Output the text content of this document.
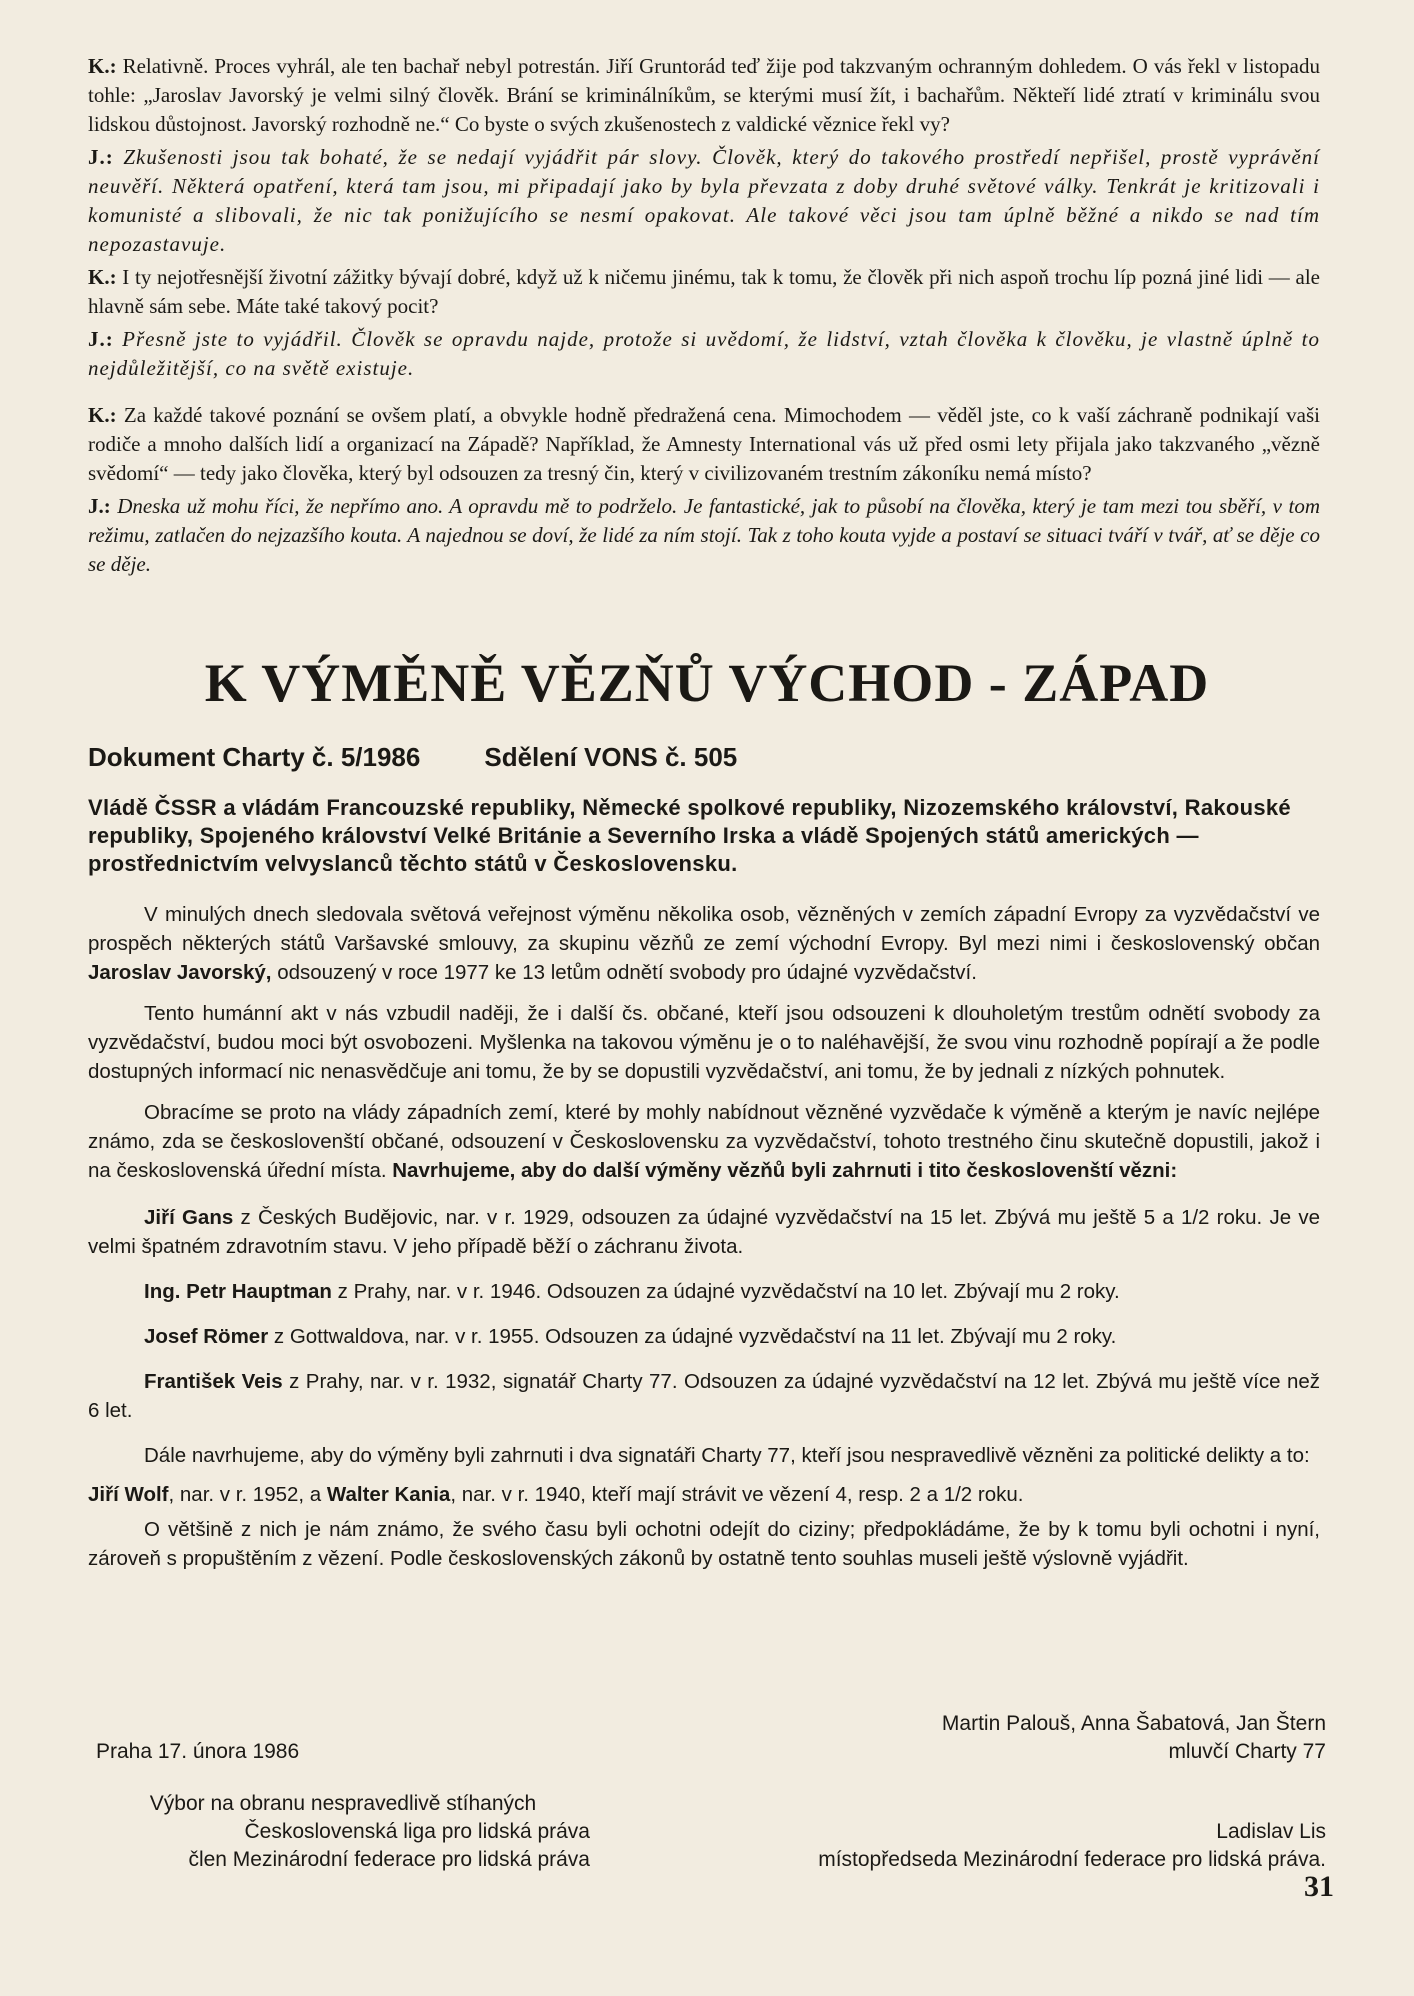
K.: Relativně. Proces vyhrál, ale ten bachař nebyl potrestán. Jiří Gruntorád teď žije pod takzvaným ochranným dohledem. O vás řekl v listopadu tohle: „Jaroslav Javorský je velmi silný člověk. Brání se kriminálníkům, se kterými musí žít, i bachařům. Někteří lidé ztratí v kriminálu svou lidskou důstojnost. Javorský rozhodně ne.“ Co byste o svých zkušenostech z valdické věznice řekl vy?

J.: Zkušenosti jsou tak bohaté, že se nedají vyjádřit pár slovy. Člověk, který do takového prostředí nepřišel, prostě vyprávění neuvěří. Některá opatření, která tam jsou, mi připadají jako by byla převzata z doby druhé světové války. Tenkrát je kritizovali i komunisté a slibovali, že nic tak ponižujícího se nesmí opakovat. Ale takové věci jsou tam úplně běžné a nikdo se nad tím nepozastavuje.

K.: I ty nejotřesnější životní zážitky bývají dobré, když už k ničemu jinému, tak k tomu, že člověk při nich aspoň trochu líp pozná jiné lidi — ale hlavně sám sebe. Máte také takový pocit?

J.: Přesně jste to vyjádřil. Člověk se opravdu najde, protože si uvědomí, že lidství, vztah člověka k člověku, je vlastně úplně to nejdůležitější, co na světě existuje.

K.: Za každé takové poznání se ovšem platí, a obvykle hodně předražená cena. Mimochodem — věděl jste, co k vaší záchraně podnikají vaši rodiče a mnoho dalších lidí a organizací na Západě? Například, že Amnesty International vás už před osmi lety přijala jako takzvaného „vězně svědomí“ — tedy jako člověka, který byl odsouzen za tresný čin, který v civilizovaném trestním zákoníku nemá místo?

J.: Dneska už mohu říci, že nepřímo ano. A opravdu mě to podrželo. Je fantastické, jak to působí na člověka, který je tam mezi tou sběří, v tom režimu, zatlačen do nejzazšího kouta. A najednou se doví, že lidé za ním stojí. Tak z toho kouta vyjde a postaví se situaci tváří v tvář, ať se děje co se děje.

K VÝMĚNĚ VĚZŇŮ VÝCHOD - ZÁPAD
Dokument Charty č. 5/1986 Sdělení VONS č. 505

Vládě ČSSR a vládám Francouzské republiky, Německé spolkové republiky, Nizozemského království, Rakouské republiky, Spojeného království Velké Británie a Severního Irska a vládě Spojených států amerických — prostřednictvím velvyslanců těchto států v Československu.

V minulých dnech sledovala světová veřejnost výměnu několika osob, vězněných v zemích západní Evropy za vyzvědačství ve prospěch některých států Varšavské smlouvy, za skupinu vězňů ze zemí východní Evropy. Byl mezi nimi i československý občan Jaroslav Javorský, odsouzený v roce 1977 ke 13 letům odnětí svobody pro údajné vyzvědačství.

Tento humánní akt v nás vzbudil naději, že i další čs. občané, kteří jsou odsouzeni k dlouholetým trestům odnětí svobody za vyzvědačství, budou moci být osvobozeni. Myšlenka na takovou výměnu je o to naléhavější, že svou vinu rozhodně popírají a že podle dostupných informací nic nenasvědčuje ani tomu, že by se dopustili vyzvědačství, ani tomu, že by jednali z nízkých pohnutek.

Obracíme se proto na vlády západních zemí, které by mohly nabídnout vězněné vyzvědače k výměně a kterým je navíc nejlépe známo, zda se českoslovenští občané, odsouzení v Československu za vyzvědačství, tohoto trestného činu skutečně dopustili, jakož i na československá úřední místa. Navrhujeme, aby do další výměny vězňů byli zahrnuti i tito českoslovenští vězni:

Jiří Gans z Českých Budějovic, nar. v r. 1929, odsouzen za údajné vyzvědačství na 15 let. Zbývá mu ještě 5 a 1/2 roku. Je ve velmi špatném zdravotním stavu. V jeho případě běží o záchranu života.

Ing. Petr Hauptman z Prahy, nar. v r. 1946. Odsouzen za údajné vyzvědačství na 10 let. Zbývají mu 2 roky.

Josef Römer z Gottwaldova, nar. v r. 1955. Odsouzen za údajné vyzvědačství na 11 let. Zbývají mu 2 roky.

František Veis z Prahy, nar. v r. 1932, signatář Charty 77. Odsouzen za údajné vyzvědačství na 12 let. Zbývá mu ještě více než 6 let.

Dále navrhujeme, aby do výměny byli zahrnuti i dva signatáři Charty 77, kteří jsou nespravedlivě vězněni za politické delikty a to:

Jiří Wolf, nar. v r. 1952, a Walter Kania, nar. v r. 1940, kteří mají strávit ve vězení 4, resp. 2 a 1/2 roku.

O většině z nich je nám známo, že svého času byli ochotni odejít do ciziny; předpokládáme, že by k tomu byli ochotni i nyní, zároveň s propuštěním z vězení. Podle československých zákonů by ostatně tento souhlas museli ještě výslovně vyjádřit.

Martin Palouš, Anna Šabatová, Jan Štern
mluvčí Charty 77
Praha 17. února 1986
Výbor na obranu nespravedlivě stíhaných
Československá liga pro lidská práva
člen Mezinárodní federace pro lidská práva
Ladislav Lis
místopředseda Mezinárodní federace pro lidská práva.
31
